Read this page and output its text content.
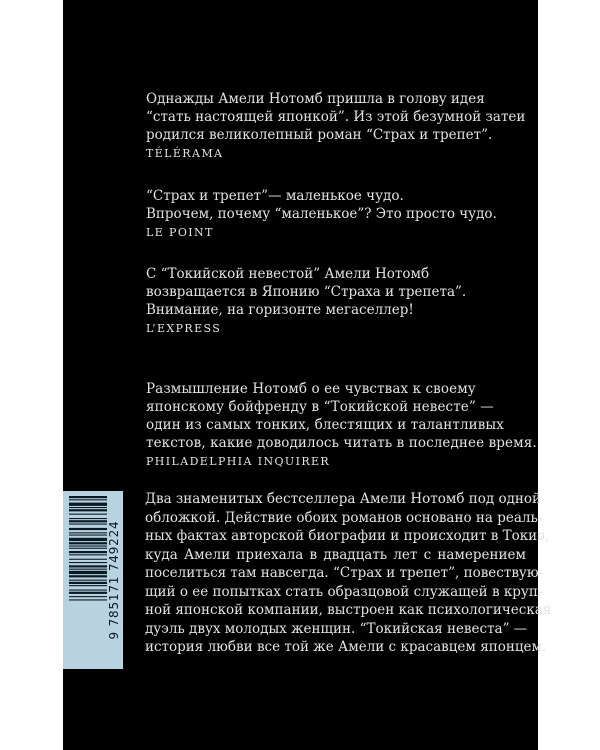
Однажды Амели Нотомб пришла в голову идея
“стать настоящей японкой”. Из этой безумной затеи
родился великолепный роман “Страх и трепет”.
TÉLÉRAMA
“Страх и трепет”— маленькое чудо.
Впрочем, почему “маленькое”? Это просто чудо.
LE POINT
С “Токийской невестой” Амели Нотомб
возвращается в Японию “Страха и трепета”.
Внимание, на горизонте мегаселлер!
L’EXPRESS
Размышление Нотомб о ее чувствах к своему
японскому бойфренду в “Токийской невесте” —
один из самых тонких, блестящих и талантливых
текстов, какие доводилось читать в последнее время.
PHILADELPHIA INQUIRER
Два знаменитых бестселлера Амели Нотомб под одной
обложкой. Действие обоих романов основано на реаль-
ных фактах авторской биографии и происходит в Токио,
куда Амели приехала в двадцать лет с намерением
поселиться там навсегда. “Страх и трепет”, повествую-
щий о ее попытках стать образцовой служащей в круп-
ной японской компании, выстроен как психологическая
дуэль двух молодых женщин. “Токийская невеста” —
история любви все той же Амели с красавцем японцем.
9 785171 749224
